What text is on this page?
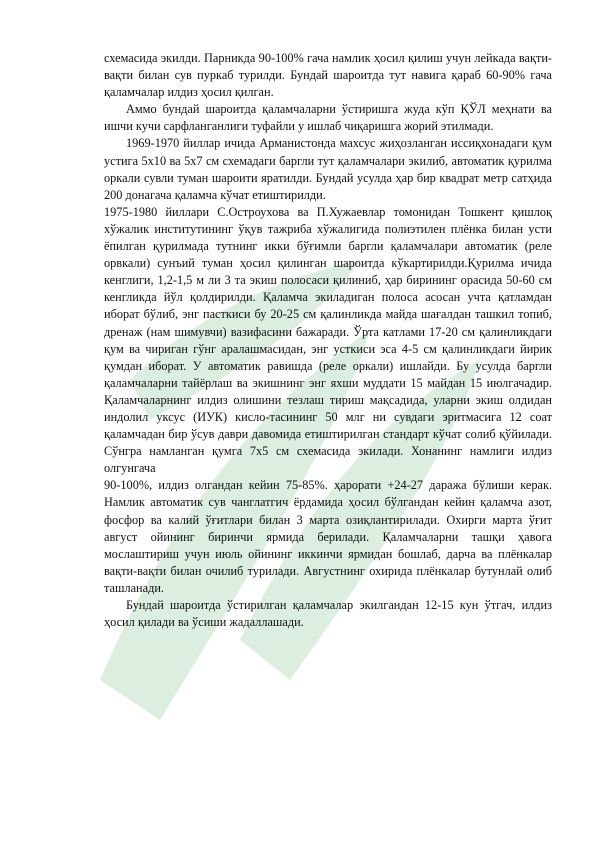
схемасида экилди. Парникда 90-100% гача намлик ҳосил қилиш учун лейкада вақти-вақти билан сув пуркаб турилди. Бундай шароитда тут навига қараб 60-90% гача қаламчалар илдиз ҳосил қилган.

Аммо бундай шароитда қаламчаларни ўстиришга жуда кўп ҚЎЛ меҳнати ва ишчи кучи сарфланганлиги туфайли у ишлаб чиқаришга жорий этилмади.

1969-1970 йиллар ичида Арманистонда махсус жиҳозланган иссиқхонадаги қум устига 5х10 ва 5х7 см схемадаги баргли тут қаламчалари экилиб, автоматик қурилма оркали сувли туман шароити яратилди. Бундай усулда ҳар бир квадрат метр сатҳида 200 донагача қаламча кўчат етиштирилди.

1975-1980 йиллари С.Остроухова ва П.Хужаевлар томонидан Тошкент қишлоқ хўжалик институтининг ўқув тажриба хўжалигида полиэтилен плёнка билан усти ёпилган қурилмада тутнинг икки бўғимли баргли қаламчалари автоматик (реле орвкали) сунъий туман ҳосил қилинган шароитда кўкартирилди.Қурилма ичида кенглиги, 1,2-1,5 м ли 3 та экиш полосаси қилиниб, ҳар бирининг орасида 50-60 см кенгликда йўл қолдирилди. Қаламча экиладиган полоса асосан учта қатламдан иборат бўлиб, энг пасткиси бу 20-25 см қалинликда майда шағалдан ташкил топиб, дренаж (нам шимувчи) вазифасини бажаради. Ўрта катлами 17-20 см қалинликдаги қум ва чириган гўнг аралашмасидан, энг усткиси эса 4-5 см қалинликдаги йирик қумдан иборат. У автоматик равишда (реле оркали) ишлайди. Бу усулда баргли қаламчаларни тайёрлаш ва экишнинг энг яхши муддати 15 майдан 15 июлгачадир. Қаламчаларнинг илдиз олишини тезлаш тириш мақсадида, уларни экиш олдидан индолил уксус (ИУК) кисло-тасининг 50 млг ни сувдаги эритмасига 12 соат қаламчадан бир ўсув даври давомида етиштирилган стандарт кўчат солиб қўйилади. Сўнгра намланган қумга 7х5 см схемасида экилади. Хонанинг намлиги илдиз олгунгача

90-100%, илдиз олгандан кейин 75-85%. ҳарорати +24-27 даража бўлиши керак. Намлик автоматик сув чанглатгич ёрдамида ҳосил бўлгандан кейин қаламча азот, фосфор ва калий ўғитлари билан 3 марта озиқлантирилади. Охирги марта ўғит август ойининг биринчи ярмида берилади. Қаламчаларни ташқи ҳавога мослаштириш учун июль ойининг иккинчи ярмидан бошлаб, дарча ва плёнкалар вақти-вақти билан очилиб турилади. Августнинг охирида плёнкалар бутунлай олиб ташланади.

Бундай шароитда ўстирилган қаламчалар экилгандан 12-15 кун ўтгач, илдиз ҳосил қилади ва ўсиши жадаллашади.
